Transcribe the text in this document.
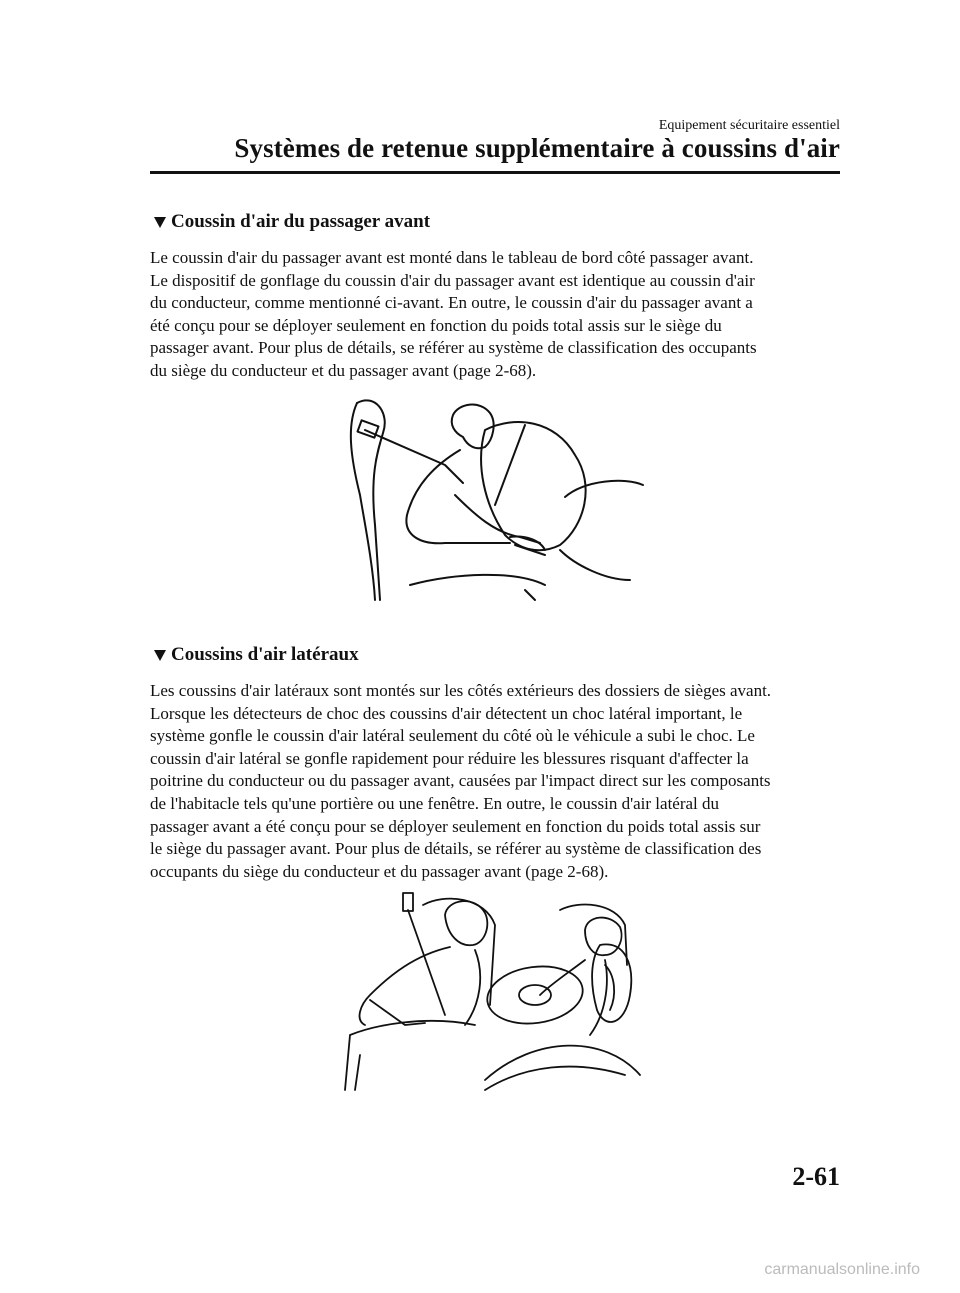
Equipement sécuritaire essentiel
Systèmes de retenue supplémentaire à coussins d'air
Coussin d'air du passager avant

Le coussin d'air du passager avant est monté dans le tableau de bord côté passager avant.
Le dispositif de gonflage du coussin d'air du passager avant est identique au coussin d'air
du conducteur, comme mentionné ci-avant. En outre, le coussin d'air du passager avant a
été conçu pour se déployer seulement en fonction du poids total assis sur le siège du
passager avant. Pour plus de détails, se référer au système de classification des occupants
du siège du conducteur et du passager avant (page 2-68).

Coussins d'air latéraux

Les coussins d'air latéraux sont montés sur les côtés extérieurs des dossiers de sièges avant.
Lorsque les détecteurs de choc des coussins d'air détectent un choc latéral important, le
système gonfle le coussin d'air latéral seulement du côté où le véhicule a subi le choc. Le
coussin d'air latéral se gonfle rapidement pour réduire les blessures risquant d'affecter la
poitrine du conducteur ou du passager avant, causées par l'impact direct sur les composants
de l'habitacle tels qu'une portière ou une fenêtre. En outre, le coussin d'air latéral du
passager avant a été conçu pour se déployer seulement en fonction du poids total assis sur
le siège du passager avant. Pour plus de détails, se référer au système de classification des
occupants du siège du conducteur et du passager avant (page 2-68).

2-61
carmanualsonline.info
